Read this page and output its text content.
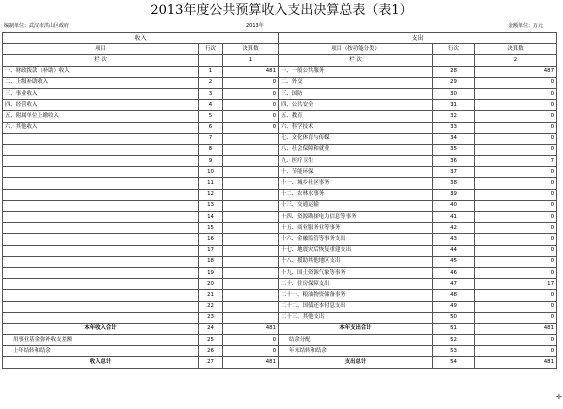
2013年度公共预算收入支出决算总表（表1）
编制单位：武汉市洪山区政府	2013年	金额单位：万元
收入			支出		
项目	行次	决算数	项目（按功能分类）	行次	决算数
栏 次		1	栏 次		2
一、财政拨款（补助）收入	1	481	一、一般公共服务	28	487
二、上级补助收入	2	0	二、外交	29	0
三、事业收入	3	0	三、国防	30	0
四、经营收入	4	0	四、公共安全	31	0
五、附属单位上缴收入	5	0	五、教育	32	0
六、其他收入	6	0	六、科学技术	33	0
	7		七、文化体育与传媒	34	0
	8		八、社会保障和就业	35	0
	9		九、医疗卫生	36	7
	10		十、节能环保	37	0
	11		十一、城乡社区事务	38	0
	12		十二、农林水事务	39	0
	13		十三、交通运输	40	0
	14		十四、资源勘探电力信息等事务	41	0
	15		十五、商业服务业等事务	42	0
	16		十六、金融监管等事务支出	43	0
	17		十七、地震灾后恢复重建支出	44	0
	18		十八、援助其他地区支出	45	0
	19		十九、国土资源气象等事务	46	0
	20		二十、住房保障支出	47	17
	21		二十一、粮油物资储备事务	48	0
	22		二十二、国债还本付息支出	49	0
	23		二十三、其他支出	50	0
本年收入合计	24	481	本年支出合计	51	481
用事业基金弥补收支差额	25	0	结余分配	52	0
上年结转和结余	26	0	年末结转和结余	53	0
收入总计	27	481	支出总计	54	481
✛
